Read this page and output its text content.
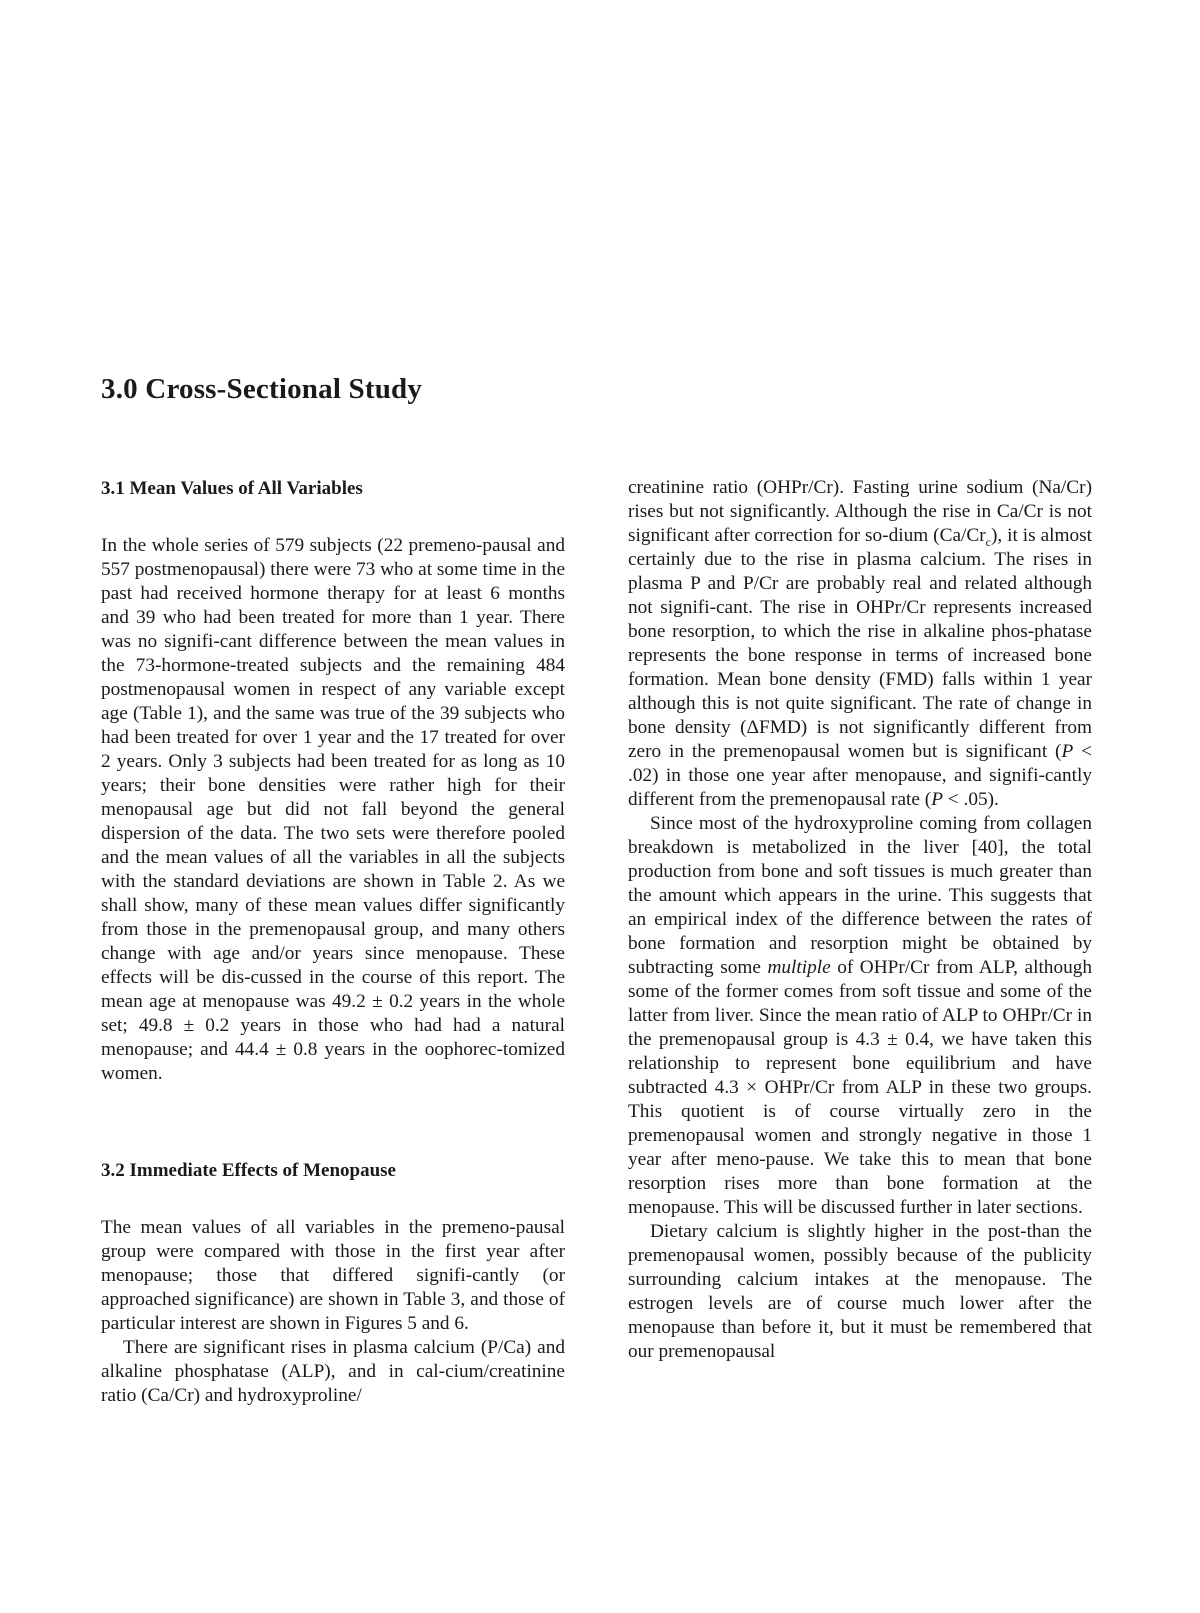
3.0 Cross-Sectional Study
3.1 Mean Values of All Variables

In the whole series of 579 subjects (22 premeno-pausal and 557 postmenopausal) there were 73 who at some time in the past had received hormone therapy for at least 6 months and 39 who had been treated for more than 1 year. There was no signifi-cant difference between the mean values in the 73-hormone-treated subjects and the remaining 484 postmenopausal women in respect of any variable except age (Table 1), and the same was true of the 39 subjects who had been treated for over 1 year and the 17 treated for over 2 years. Only 3 subjects had been treated for as long as 10 years; their bone densities were rather high for their menopausal age but did not fall beyond the general dispersion of the data. The two sets were therefore pooled and the mean values of all the variables in all the subjects with the standard deviations are shown in Table 2. As we shall show, many of these mean values differ significantly from those in the premenopausal group, and many others change with age and/or years since menopause. These effects will be dis-cussed in the course of this report. The mean age at menopause was 49.2 ± 0.2 years in the whole set; 49.8 ± 0.2 years in those who had had a natural menopause; and 44.4 ± 0.8 years in the oophorec-tomized women.

3.2 Immediate Effects of Menopause

The mean values of all variables in the premeno-pausal group were compared with those in the first year after menopause; those that differed signifi-cantly (or approached significance) are shown in Table 3, and those of particular interest are shown in Figures 5 and 6.

There are significant rises in plasma calcium (P/Ca) and alkaline phosphatase (ALP), and in cal-cium/creatinine ratio (Ca/Cr) and hydroxyproline/

creatinine ratio (OHPr/Cr). Fasting urine sodium (Na/Cr) rises but not significantly. Although the rise in Ca/Cr is not significant after correction for so-dium $(Ca/Cr_c)$, it is almost certainly due to the rise in plasma calcium. The rises in plasma P and P/Cr are probably real and related although not signifi-cant. The rise in OHPr/Cr represents increased bone resorption, to which the rise in alkaline phos-phatase represents the bone response in terms of increased bone formation. Mean bone density (FMD) falls within 1 year although this is not quite significant. The rate of change in bone density (ΔFMD) is not significantly different from zero in the premenopausal women but is significant (P < .02) in those one year after menopause, and signifi-cantly different from the premenopausal rate (P < .05).

Since most of the hydroxyproline coming from collagen breakdown is metabolized in the liver [40], the total production from bone and soft tissues is much greater than the amount which appears in the urine. This suggests that an empirical index of the difference between the rates of bone formation and resorption might be obtained by subtracting some multiple of OHPr/Cr from ALP, although some of the former comes from soft tissue and some of the latter from liver. Since the mean ratio of ALP to OHPr/Cr in the premenopausal group is 4.3 ± 0.4, we have taken this relationship to represent bone equilibrium and have subtracted 4.3 × OHPr/Cr from ALP in these two groups. This quotient is of course virtually zero in the premenopausal women and strongly negative in those 1 year after meno-pause. We take this to mean that bone resorption rises more than bone formation at the menopause. This will be discussed further in later sections.

Dietary calcium is slightly higher in the post-than the premenopausal women, possibly because of the publicity surrounding calcium intakes at the menopause. The estrogen levels are of course much lower after the menopause than before it, but it must be remembered that our premenopausal
